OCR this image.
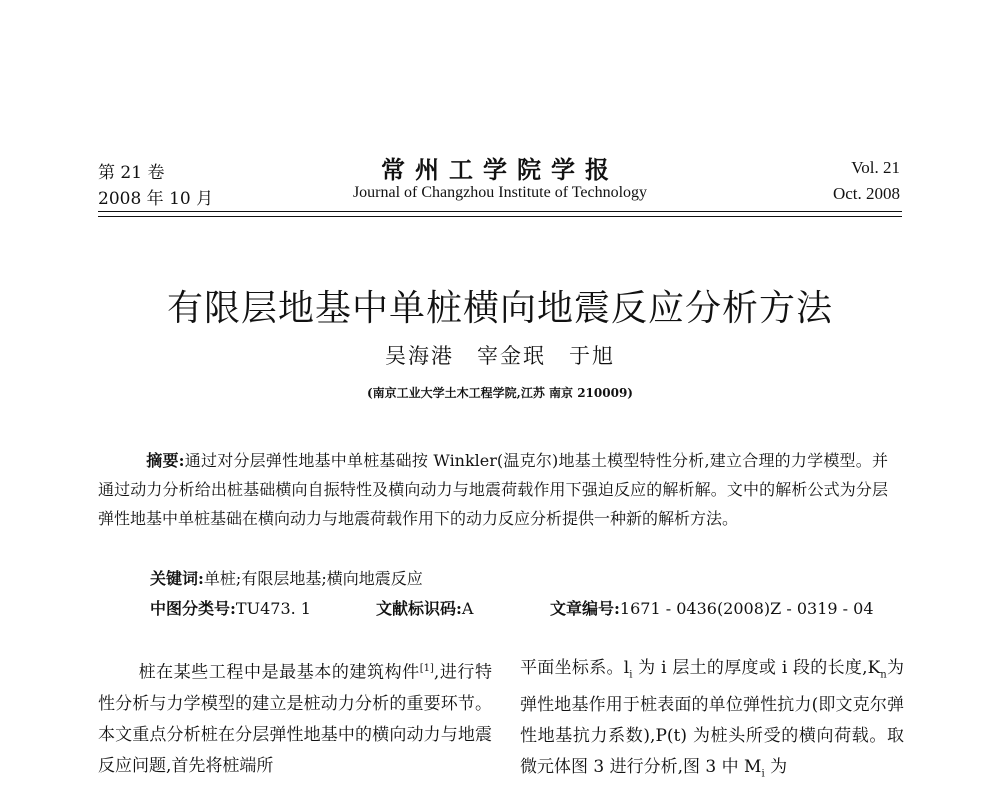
第 21 卷
2008 年 10 月
常州工学院学报
Journal of Changzhou Institute of Technology
Vol. 21
Oct. 2008
有限层地基中单桩横向地震反应分析方法
吴海港　宰金珉　于旭
(南京工业大学土木工程学院,江苏 南京 210009)
摘要:通过对分层弹性地基中单桩基础按 Winkler(温克尔)地基土模型特性分析,建立合理的力学模型。并通过动力分析给出桩基础横向自振特性及横向动力与地震荷载作用下强迫反应的解析解。文中的解析公式为分层弹性地基中单桩基础在横向动力与地震荷载作用下的动力反应分析提供一种新的解析方法。
关键词:单桩;有限层地基;横向地震反应
中图分类号:TU473. 1	文献标识码:A	文章编号:1671 - 0436(2008)Z - 0319 - 04

桩在某些工程中是最基本的建筑构件[1],进行特性分析与力学模型的建立是桩动力分析的重要环节。本文重点分析桩在分层弹性地基中的横向动力与地震反应问题,首先将桩端所

平面坐标系。$l_i$ 为 i 层土的厚度或 i 段的长度$,K_n$为弹性地基作用于桩表面的单位弹性抗力(即文克尔弹性地基抗力系数),P(t) 为桩头所受的横向荷载。取微元体图 3 进行分析,图 3 中 $M_i$ 为
